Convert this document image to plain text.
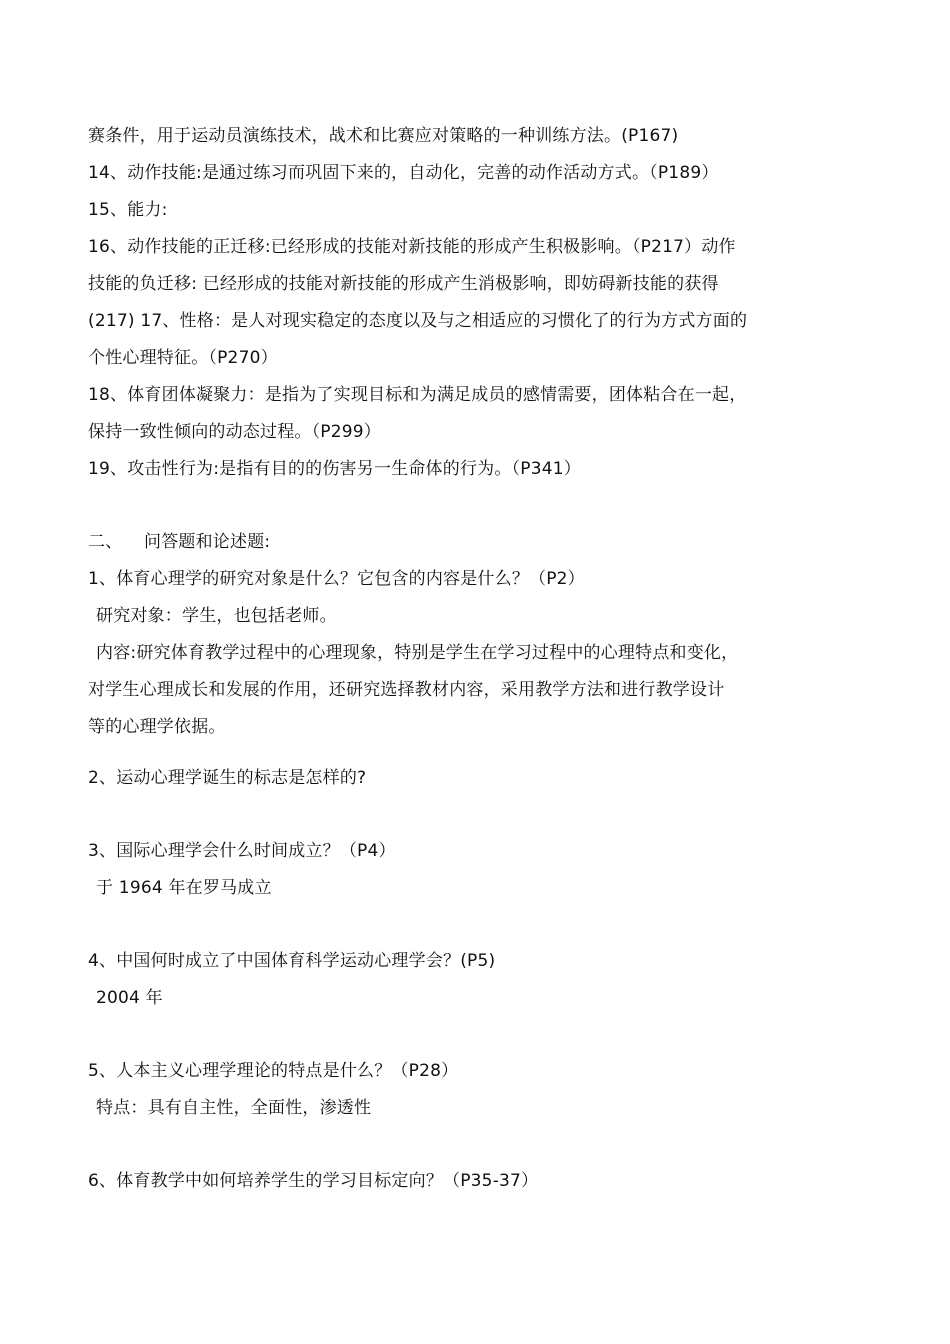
赛条件，用于运动员演练技术，战术和比赛应对策略的一种训练方法。(P167)
14、动作技能:是通过练习而巩固下来的，自动化，完善的动作活动方式。（P189）
15、能力:
16、动作技能的正迁移:已经形成的技能对新技能的形成产生积极影响。（P217）动作
技能的负迁移: 已经形成的技能对新技能的形成产生消极影响，即妨碍新技能的获得
(217) 17、性格：是人对现实稳定的态度以及与之相适应的习惯化了的行为方式方面的
个性心理特征。（P270）
18、体育团体凝聚力：是指为了实现目标和为满足成员的感情需要，团体粘合在一起，
保持一致性倾向的动态过程。（P299）
19、攻击性行为:是指有目的的伤害另一生命体的行为。（P341）
二、 问答题和论述题:
1、体育心理学的研究对象是什么？它包含的内容是什么？（P2）
研究对象：学生，也包括老师。
内容:研究体育教学过程中的心理现象，特别是学生在学习过程中的心理特点和变化，
对学生心理成长和发展的作用，还研究选择教材内容，采用教学方法和进行教学设计
等的心理学依据。
2、运动心理学诞生的标志是怎样的?
3、国际心理学会什么时间成立？（P4）
于 1964 年在罗马成立
4、中国何时成立了中国体育科学运动心理学会？(P5)
2004 年
5、人本主义心理学理论的特点是什么？（P28）
特点：具有自主性，全面性，渗透性
6、体育教学中如何培养学生的学习目标定向？（P35-37）
